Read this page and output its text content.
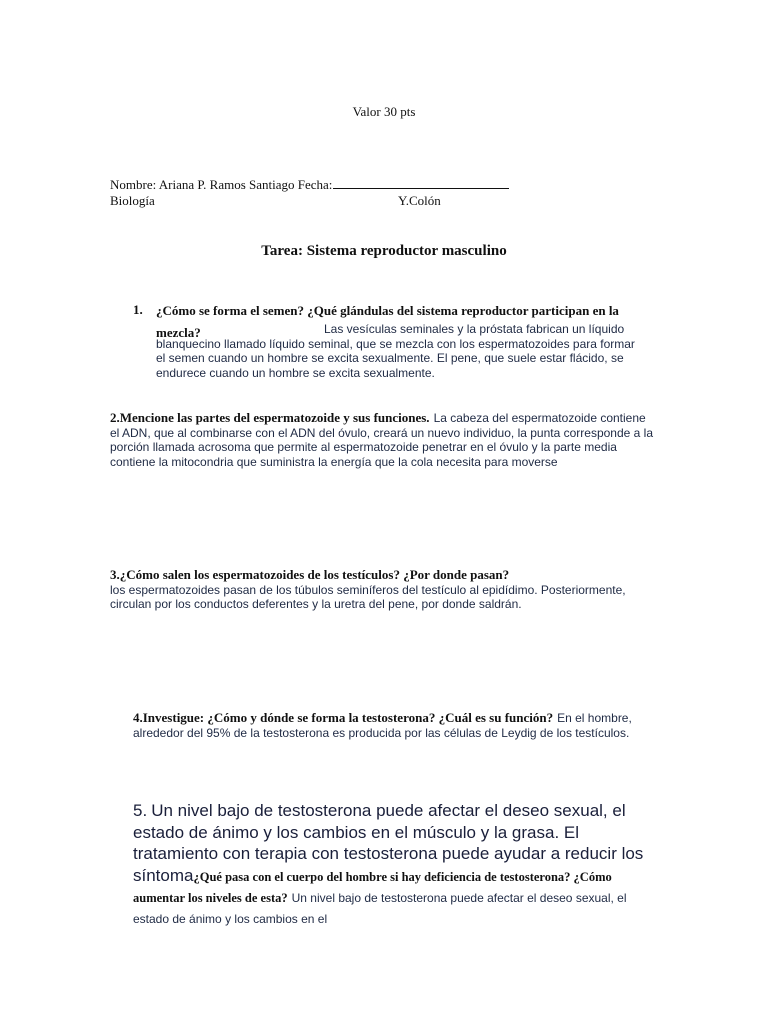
Valor 30 pts
Nombre: Ariana P. Ramos Santiago Fecha:
Biología	Y.Colón
Tarea: Sistema reproductor masculino
1. ¿Cómo se forma el semen? ¿Qué glándulas del sistema reproductor participan en la mezcla?	Las vesículas seminales y la próstata fabrican un líquido blanquecino llamado líquido seminal, que se mezcla con los espermatozoides para formar el semen cuando un hombre se excita sexualmente. El pene, que suele estar flácido, se endurece cuando un hombre se excita sexualmente.
2.Mencione las partes del espermatozoide y sus funciones. La cabeza del espermatozoide contiene el ADN, que al combinarse con el ADN del óvulo, creará un nuevo individuo, la punta corresponde a la porción llamada acrosoma que permite al espermatozoide penetrar en el óvulo y la parte media contiene la mitocondria que suministra la energía que la cola necesita para moverse
3.¿Cómo salen los espermatozoides de los testículos? ¿Por donde pasan?
los espermatozoides pasan de los túbulos seminíferos del testículo al epidídimo. Posteriormente, circulan por los conductos deferentes y la uretra del pene, por donde saldrán.
4.Investigue: ¿Cómo y dónde se forma la testosterona? ¿Cuál es su función? En el hombre, alrededor del 95% de la testosterona es producida por las células de Leydig de los testículos.
5. Un nivel bajo de testosterona puede afectar el deseo sexual, el estado de ánimo y los cambios en el músculo y la grasa. El tratamiento con terapia con testosterona puede ayudar a reducir los síntoma¿Qué pasa con el cuerpo del hombre si hay deficiencia de testosterona? ¿Cómo aumentar los niveles de esta? Un nivel bajo de testosterona puede afectar el deseo sexual, el estado de ánimo y los cambios en el
